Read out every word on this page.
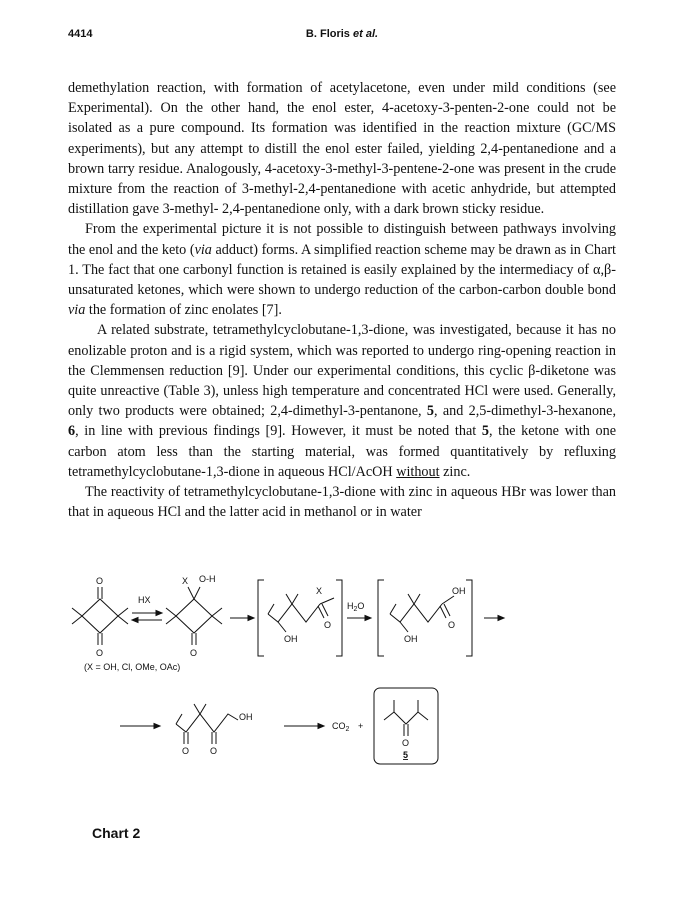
4414	B. Floris et al.

demethylation reaction, with formation of acetylacetone, even under mild conditions (see Experimental). On the other hand, the enol ester, 4-acetoxy-3-penten-2-one could not be isolated as a pure compound. Its formation was identified in the reaction mixture (GC/MS experiments), but any attempt to distill the enol ester failed, yielding 2,4-pentanedione and a brown tarry residue. Analogously, 4-acetoxy-3-methyl-3-pentene-2-one was present in the crude mixture from the reaction of 3-methyl-2,4-pentanedione with acetic anhydride, but attempted distillation gave 3-methyl- 2,4-pentanedione only, with a dark brown sticky residue.

From the experimental picture it is not possible to distinguish between pathways involving the enol and the keto (via adduct) forms. A simplified reaction scheme may be drawn as in Chart 1. The fact that one carbonyl function is retained is easily explained by the intermediacy of α,β- unsaturated ketones, which were shown to undergo reduction of the carbon-carbon double bond via the formation of zinc enolates [7].

A related substrate, tetramethylcyclobutane-1,3-dione, was investigated, because it has no enolizable proton and is a rigid system, which was reported to undergo ring-opening reaction in the Clemmensen reduction [9]. Under our experimental conditions, this cyclic β-diketone was quite unreactive (Table 3), unless high temperature and concentrated HCl were used. Generally, only two products were obtained; 2,4-dimethyl-3-pentanone, 5, and 2,5-dimethyl-3-hexanone, 6, in line with previous findings [9]. However, it must be noted that 5, the ketone with one carbon atom less than the starting material, was formed quantitatively by refluxing tetramethylcyclobutane-1,3-dione in aqueous HCl/AcOH without zinc.

The reactivity of tetramethylcyclobutane-1,3-dione with zinc in aqueous HBr was lower than that in aqueous HCl and the latter acid in methanol or in water

O
O
HX
X O-H
O
X
O
OH
$H_2O$
OH
O
OH
(X = OH, Cl, OMe, OAc)
OH
O O
$CO_2$ +
O
5
Chart 2
